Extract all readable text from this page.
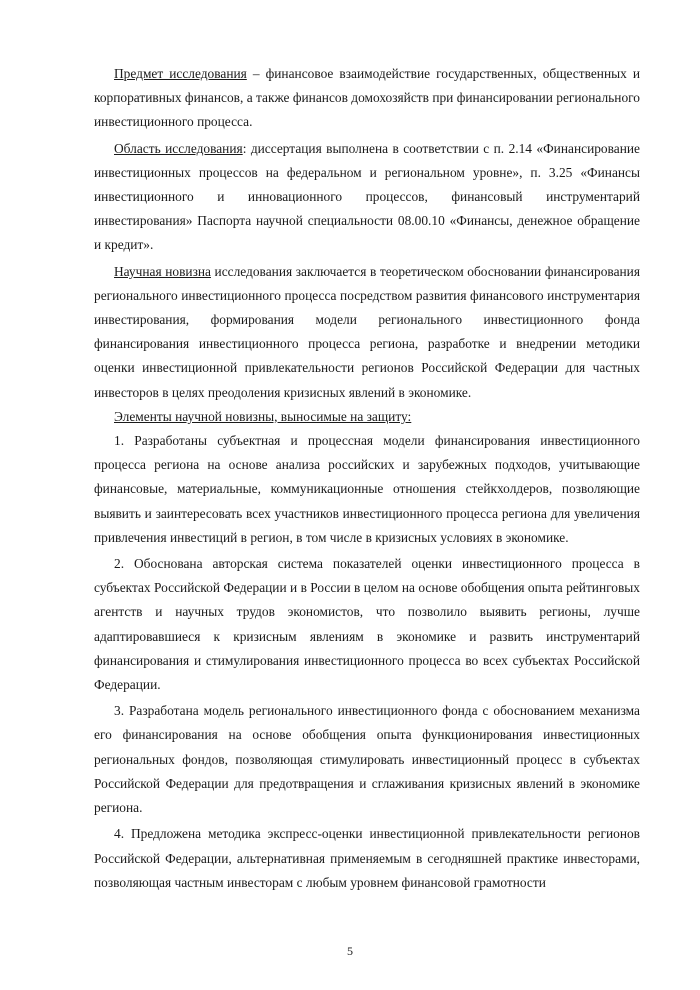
Предмет исследования – финансовое взаимодействие государственных, общественных и корпоративных финансов, а также финансов домохозяйств при финансировании регионального инвестиционного процесса.

Область исследования: диссертация выполнена в соответствии с п. 2.14 «Финансирование инвестиционных процессов на федеральном и региональном уровне», п. 3.25 «Финансы инвестиционного и инновационного процессов, финансовый инструментарий инвестирования» Паспорта научной специальности 08.00.10 «Финансы, денежное обращение и кредит».

Научная новизна исследования заключается в теоретическом обосновании финансирования регионального инвестиционного процесса посредством развития финансового инструментария инвестирования, формирования модели регионального инвестиционного фонда финансирования инвестиционного процесса региона, разработке и внедрении методики оценки инвестиционной привлекательности регионов Российской Федерации для частных инвесторов в целях преодоления кризисных явлений в экономике.

Элементы научной новизны, выносимые на защиту:

1. Разработаны субъектная и процессная модели финансирования инвестиционного процесса региона на основе анализа российских и зарубежных подходов, учитывающие финансовые, материальные, коммуникационные отношения стейкхолдеров, позволяющие выявить и заинтересовать всех участников инвестиционного процесса региона для увеличения привлечения инвестиций в регион, в том числе в кризисных условиях в экономике.

2. Обоснована авторская система показателей оценки инвестиционного процесса в субъектах Российской Федерации и в России в целом на основе обобщения опыта рейтинговых агентств и научных трудов экономистов, что позволило выявить регионы, лучше адаптировавшиеся к кризисным явлениям в экономике и развить инструментарий финансирования и стимулирования инвестиционного процесса во всех субъектах Российской Федерации.

3. Разработана модель регионального инвестиционного фонда с обоснованием механизма его финансирования на основе обобщения опыта функционирования инвестиционных региональных фондов, позволяющая стимулировать инвестиционный процесс в субъектах Российской Федерации для предотвращения и сглаживания кризисных явлений в экономике региона.

4. Предложена методика экспресс-оценки инвестиционной привлекательности регионов Российской Федерации, альтернативная применяемым в сегодняшней практике инвесторами, позволяющая частным инвесторам с любым уровнем финансовой грамотности

5
